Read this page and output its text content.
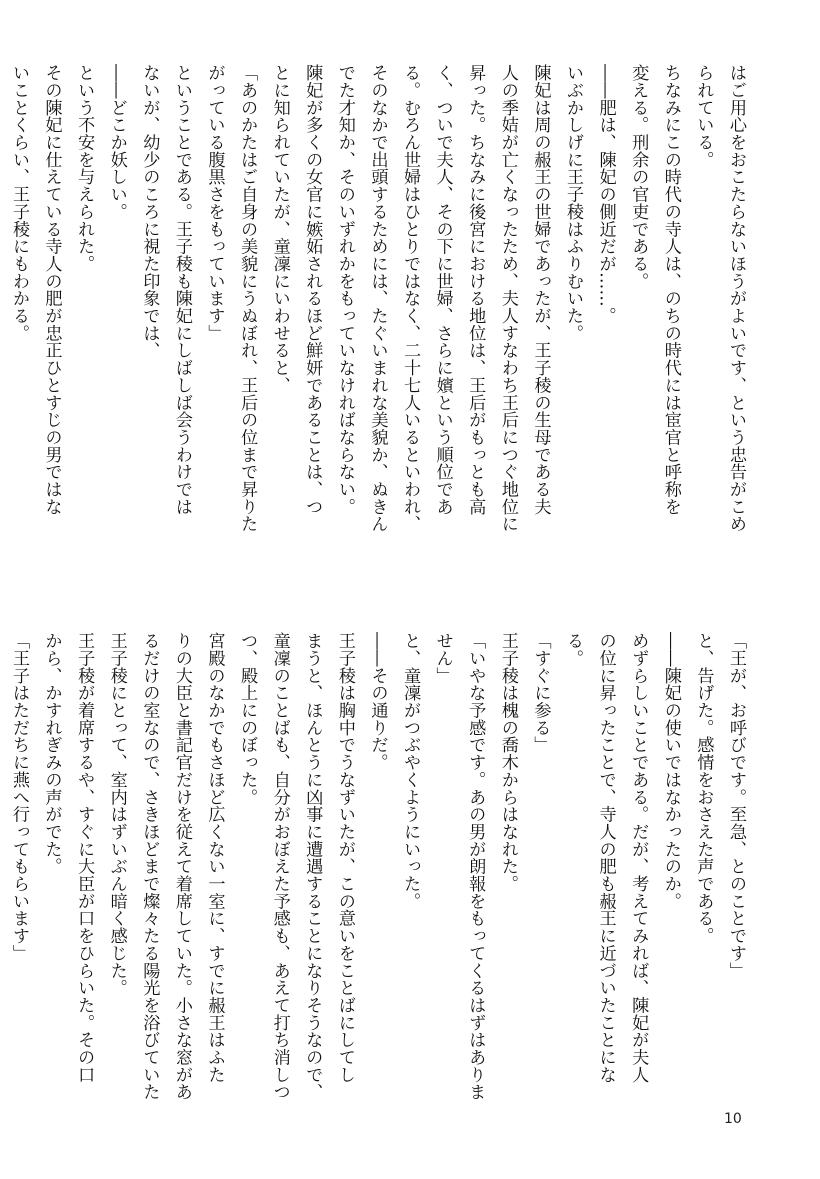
はご用心をおこたらないほうがよいです、という忠告がこめ
られている。
ちなみにこの時代の寺人は、のちの時代には宦官と呼称を
変える。刑余の官吏である。
――肥は、陳妃の側近だが……。
いぶかしげに王子稜はふりむいた。
陳妃は周の赧王の世婦であったが、王子稜の生母である夫
人の季姞が亡くなったため、夫人すなわち王后につぐ地位に
昇った。ちなみに後宮における地位は、王后がもっとも高
く、ついで夫人、その下に世婦、さらに嬪という順位であ
る。むろん世婦はひとりではなく、二十七人いるといわれ、
そのなかで出頭するためには、たぐいまれな美貌か、ぬきん
でた才知か、そのいずれかをもっていなければならない。
陳妃が多くの女官に嫉妬されるほど鮮妍であることは、つ
とに知られていたが、童凜にいわせると、
「あのかたはご自身の美貌にうぬぼれ、王后の位まで昇りた
がっている腹黒さをもっています」
ということである。王子稜も陳妃にしばしば会うわけでは
ないが、幼少のころに視た印象では、
――どこか妖しい。
という不安を与えられた。
その陳妃に仕えている寺人の肥が忠正ひとすじの男ではな
いことくらい、王子稜にもわかる。
「王が、お呼びです。至急、とのことです」
と、告げた。感情をおさえた声である。
――陳妃の使いではなかったのか。
めずらしいことである。だが、考えてみれば、陳妃が夫人
の位に昇ったことで、寺人の肥も赧王に近づいたことにな
る。
「すぐに参る」
王子稜は槐の喬木からはなれた。
「いやな予感です。あの男が朗報をもってくるはずはありま
せん」
と、童凜がつぶやくようにいった。
――その通りだ。
王子稜は胸中でうなずいたが、この意いをことばにしてし
まうと、ほんとうに凶事に遭遇することになりそうなので、
童凜のことばも、自分がおぼえた予感も、あえて打ち消しつ
つ、殿上にのぼった。
宮殿のなかでもさほど広くない一室に、すでに赧王はふた
りの大臣と書記官だけを従えて着席していた。小さな窓があ
るだけの室なので、さきほどまで燦々たる陽光を浴びていた
王子稜にとって、室内はずいぶん暗く感じた。
王子稜が着席するや、すぐに大臣が口をひらいた。その口
から、かすれぎみの声がでた。
「王子はただちに燕へ行ってもらいます」
10
